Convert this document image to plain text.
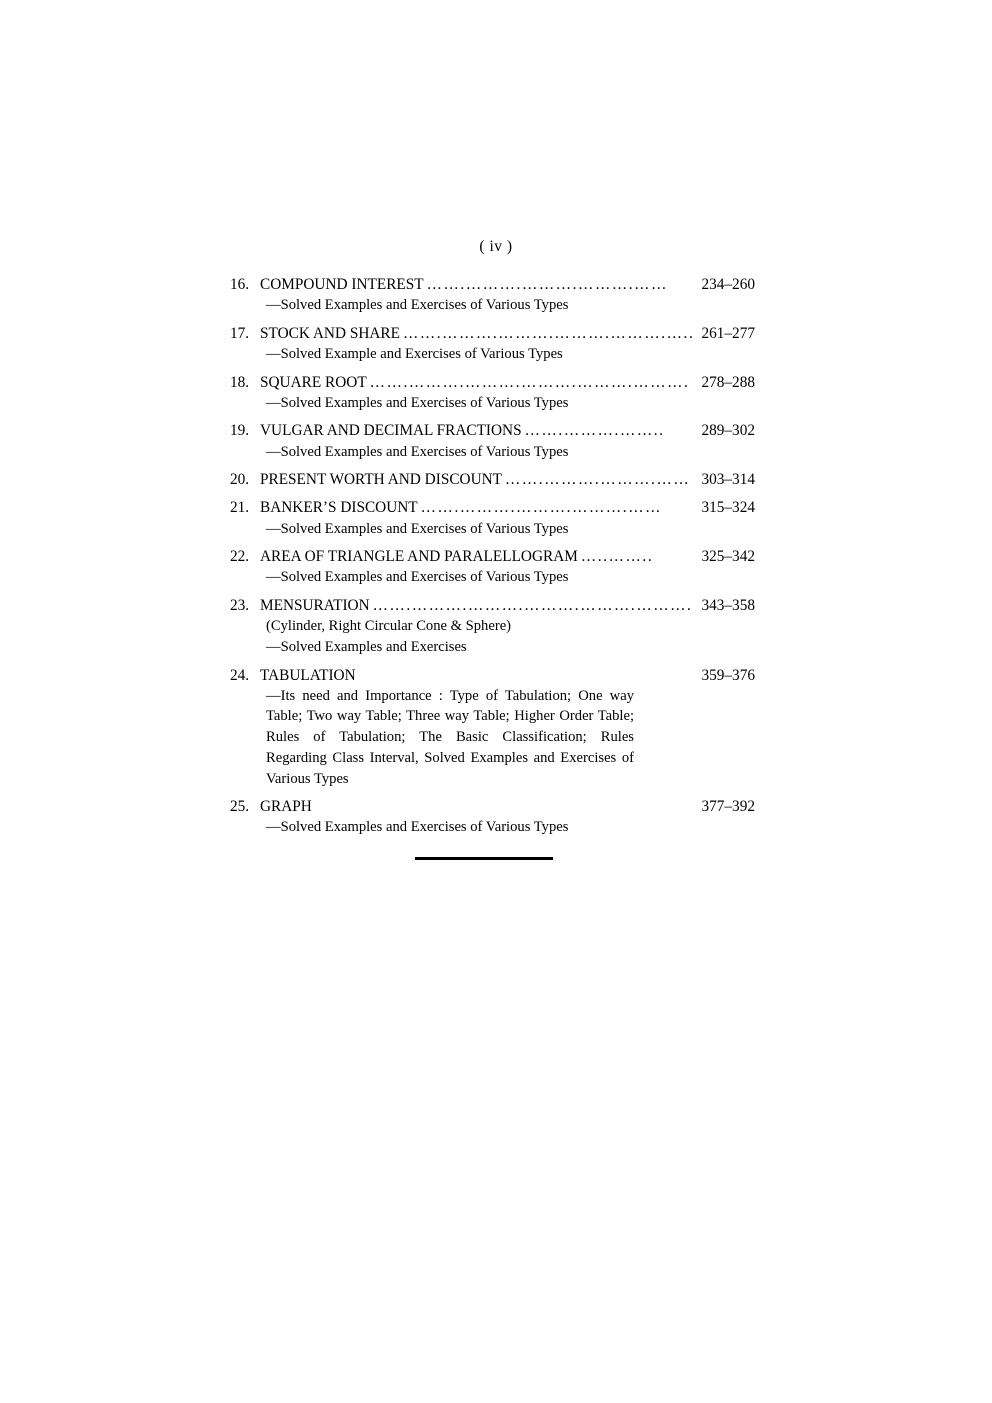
( iv )
16. COMPOUND INTEREST …….……….……….……….……	234–260
—Solved Examples and Exercises of Various Types
17. STOCK AND SHARE …….……….……….……….……….….. 261–277
—Solved Example and Exercises of Various Types
18. SQUARE ROOT …….……….……….……….……….………. 278–288
—Solved Examples and Exercises of Various Types
19. VULGAR AND DECIMAL FRACTIONS …….……….……..	289–302
—Solved Examples and Exercises of Various Types
20. PRESENT WORTH AND DISCOUNT …….……….……….…… 303–314
21. BANKER’S DISCOUNT …….……….……….……….……	315–324
—Solved Examples and Exercises of Various Types
22. AREA OF TRIANGLE AND PARALELLOGRAM …..……..	325–342
—Solved Examples and Exercises of Various Types
23. MENSURATION …….……….……….……….……….………. 343–358
(Cylinder, Right Circular Cone & Sphere)
—Solved Examples and Exercises
24. TABULATION	359–376
—Its need and Importance : Type of Tabulation; One way Table; Two way Table; Three way Table; Higher Order Table; Rules of Tabulation; The Basic Classification; Rules Regarding Class Interval, Solved Examples and Exercises of Various Types
25. GRAPH	377–392
—Solved Examples and Exercises of Various Types
